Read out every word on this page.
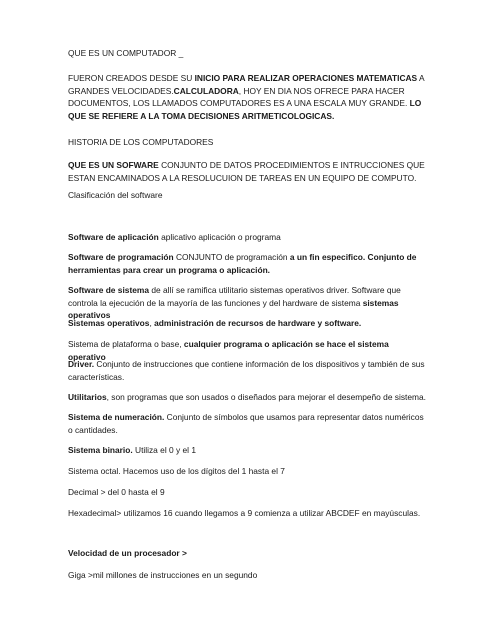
QUE ES UN COMPUTADOR _

FUERON CREADOS DESDE SU INICIO PARA REALIZAR OPERACIONES MATEMATICAS A GRANDES VELOCIDADES.CALCULADORA, HOY EN DIA NOS OFRECE PARA HACER DOCUMENTOS, LOS LLAMADOS COMPUTADORES ES A UNA ESCALA MUY GRANDE. LO QUE SE REFIERE A LA TOMA DECISIONES ARITMETICOLOGICAS.

HISTORIA DE LOS COMPUTADORES

QUE ES UN SOFWARE CONJUNTO DE DATOS PROCEDIMIENTOS E INTRUCCIONES QUE ESTAN ENCAMINADOS A LA RESOLUCUION DE TAREAS EN UN EQUIPO DE COMPUTO.

Clasificación del software

Software de aplicación aplicativo aplicación o programa

Software de programación CONJUNTO de programación a un fin especifico. Conjunto de herramientas para crear un programa o aplicación.

Software de sistema de allí se ramifica utilitario sistemas operativos driver. Software que controla la ejecución de la mayoría de las funciones y del hardware de sistema sistemas operativos

Sistemas operativos, administración de recursos de hardware y software.

Sistema de plataforma o base, cualquier programa o aplicación se hace el sistema operativo

Driver. Conjunto de instrucciones que contiene información de los dispositivos y también de sus características.

Utilitarios, son programas que son usados o diseñados para mejorar el desempeño de sistema.

Sistema de numeración. Conjunto de símbolos que usamos para representar datos numéricos o cantidades.

Sistema binario. Utiliza el 0 y el 1

Sistema octal. Hacemos uso de los dígitos del 1 hasta el 7

Decimal > del 0 hasta el 9

Hexadecimal> utilizamos 16 cuando llegamos a 9 comienza a utilizar ABCDEF en mayúsculas.

Velocidad de un procesador >

Giga >mil millones de instrucciones en un segundo
